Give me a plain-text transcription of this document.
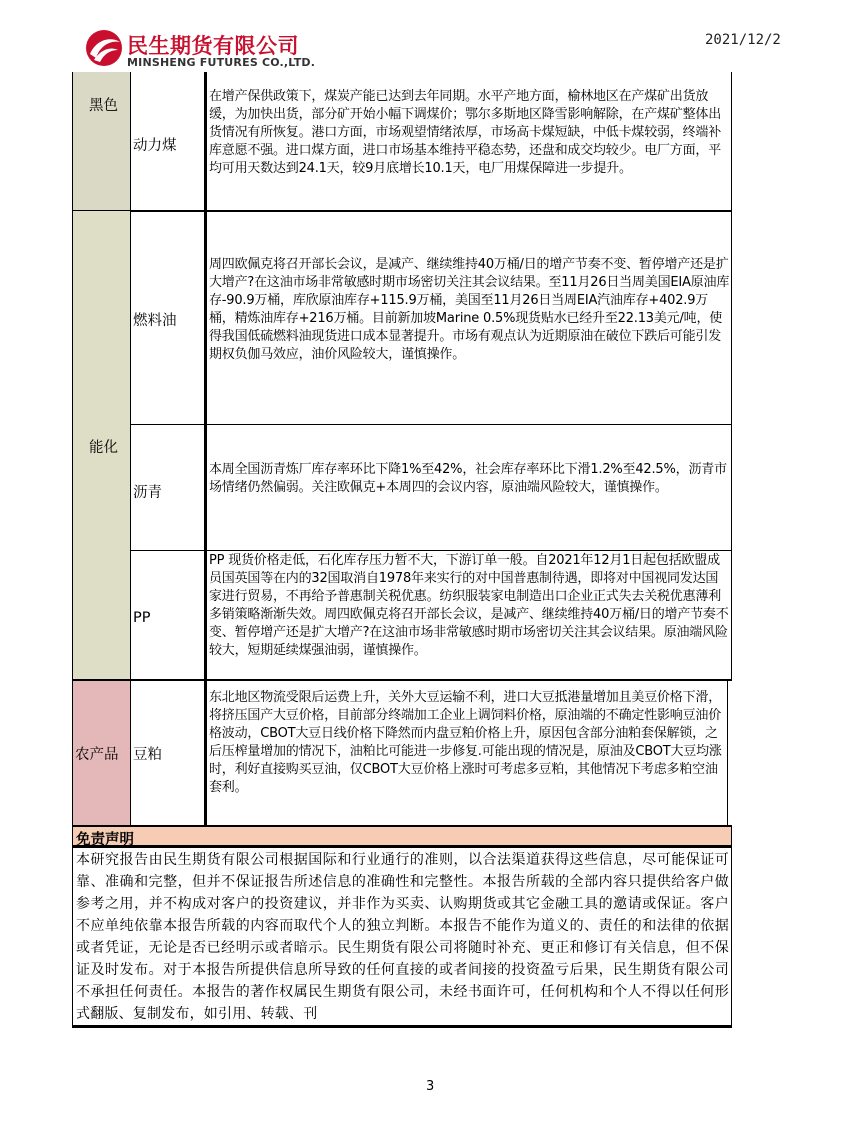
民生期货有限公司
MINSHENG FUTURES CO.,LTD.
2021/12/2
黑色
能化
农产品
动力煤
燃料油
沥青
PP
豆粕

在增产保供政策下，煤炭产能已达到去年同期。水平产地方面，榆林地区在产煤矿出货放缓，为加快出货，部分矿开始小幅下调煤价；鄂尔多斯地区降雪影响解除，在产煤矿整体出货情况有所恢复。港口方面，市场观望情绪浓厚，市场高卡煤短缺，中低卡煤较弱，终端补库意愿不强。进口煤方面，进口市场基本维持平稳态势，还盘和成交均较少。电厂方面，平均可用天数达到24.1天，较9月底增长10.1天，电厂用煤保障进一步提升。

周四欧佩克将召开部长会议，是减产、继续维持40万桶/日的增产节奏不变、暂停增产还是扩大增产?在这油市场非常敏感时期市场密切关注其会议结果。至11月26日当周美国EIA原油库存-90.9万桶，库欣原油库存+115.9万桶，美国至11月26日当周EIA汽油库存+402.9万桶，精炼油库存+216万桶。目前新加坡Marine 0.5%现货贴水已经升至22.13美元/吨，使得我国低硫燃料油现货进口成本显著提升。市场有观点认为近期原油在破位下跌后可能引发期权负伽马效应，油价风险较大，谨慎操作。

本周全国沥青炼厂库存率环比下降1%至42%，社会库存率环比下滑1.2%至42.5%，沥青市场情绪仍然偏弱。关注欧佩克+本周四的会议内容，原油端风险较大，谨慎操作。

PP 现货价格走低，石化库存压力暂不大，下游订单一般。自2021年12月1日起包括欧盟成员国英国等在内的32国取消自1978年来实行的对中国普惠制待遇，即将对中国视同发达国家进行贸易，不再给予普惠制关税优惠。纺织服装家电制造出口企业正式失去关税优惠薄利多销策略渐渐失效。周四欧佩克将召开部长会议，是减产、继续维持40万桶/日的增产节奏不变、暂停增产还是扩大增产?在这油市场非常敏感时期市场密切关注其会议结果。原油端风险较大，短期延续煤强油弱，谨慎操作。

东北地区物流受限后运费上升，关外大豆运输不利，进口大豆抵港量增加且美豆价格下滑，将挤压国产大豆价格，目前部分终端加工企业上调饲料价格，原油端的不确定性影响豆油价格波动，CBOT大豆日线价格下降然而内盘豆粕价格上升，原因包含部分油粕套保解锁，之后压榨量增加的情况下，油粕比可能进一步修复.可能出现的情况是，原油及CBOT大豆均涨时，利好直接购买豆油，仅CBOT大豆价格上涨时可考虑多豆粕，其他情况下考虑多粕空油套利。

免责声明
本研究报告由民生期货有限公司根据国际和行业通行的准则，以合法渠道获得这些信息，尽可能保证可靠、准确和完整，但并不保证报告所述信息的准确性和完整性。本报告所载的全部内容只提供给客户做参考之用，并不构成对客户的投资建议，并非作为买卖、认购期货或其它金融工具的邀请或保证。客户不应单纯依靠本报告所载的内容而取代个人的独立判断。本报告不能作为道义的、责任的和法律的依据或者凭证，无论是否已经明示或者暗示。民生期货有限公司将随时补充、更正和修订有关信息，但不保证及时发布。对于本报告所提供信息所导致的任何直接的或者间接的投资盈亏后果，民生期货有限公司不承担任何责任。本报告的著作权属民生期货有限公司，未经书面许可，任何机构和个人不得以任何形式翻版、复制发布，如引用、转载、刊
3
